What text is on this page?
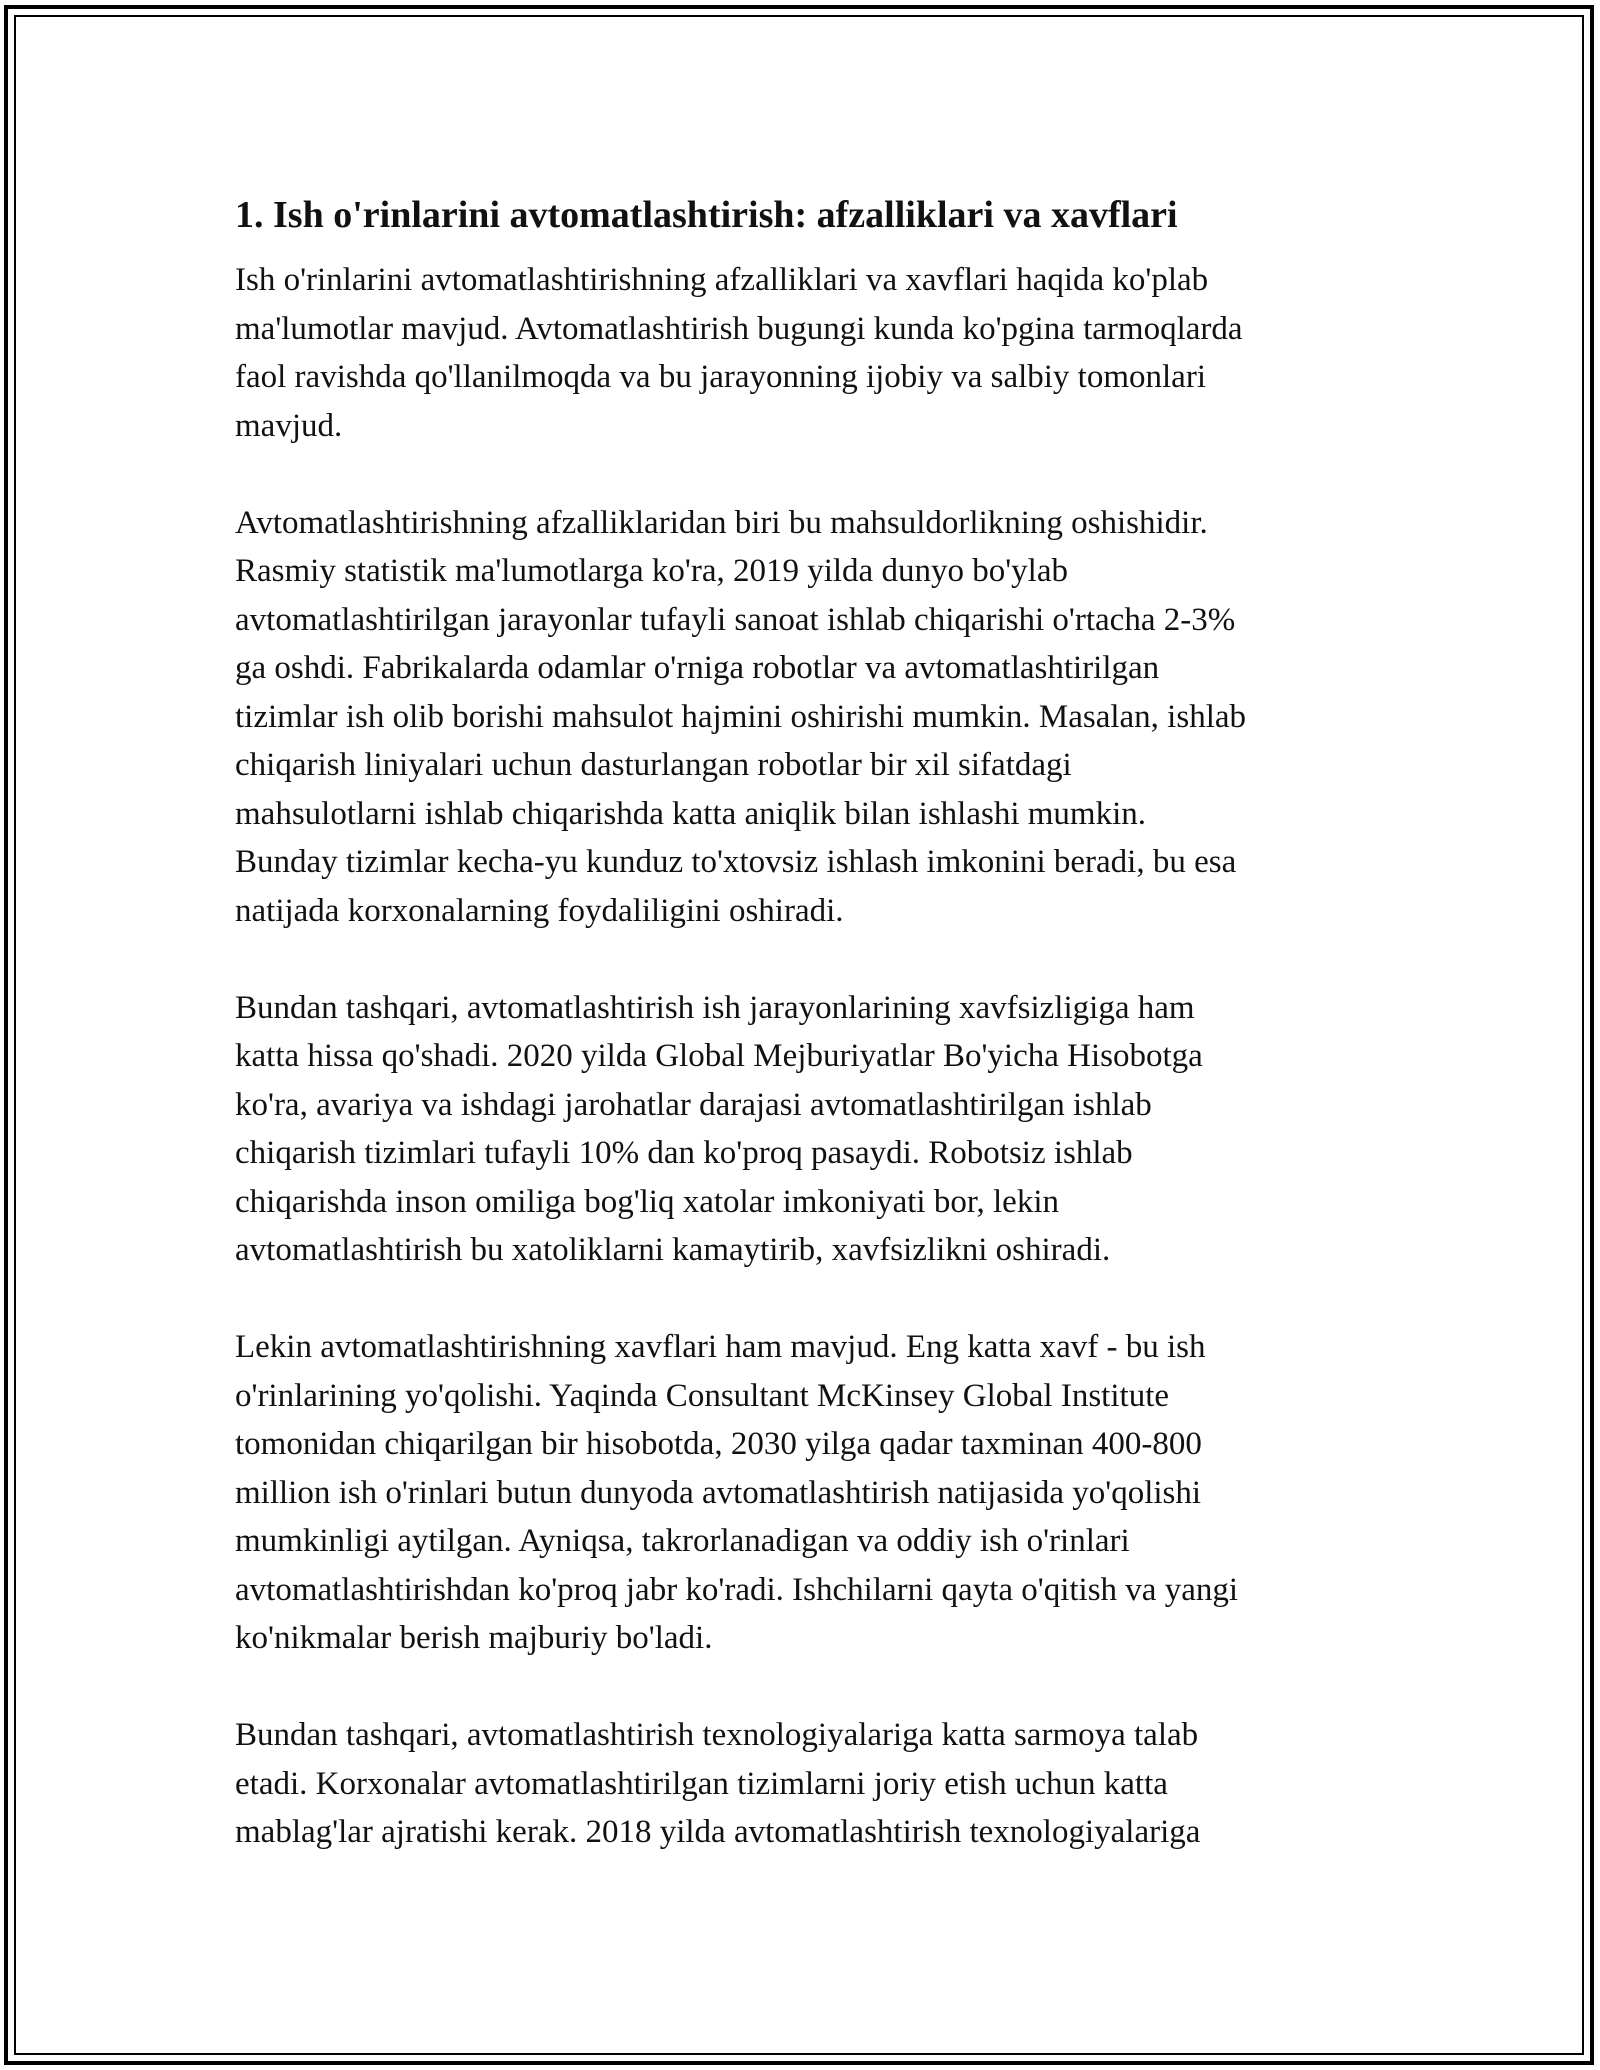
1. Ish o'rinlarini avtomatlashtirish: afzalliklari va xavflari
Ish o'rinlarini avtomatlashtirishning afzalliklari va xavflari haqida ko'plab
ma'lumotlar mavjud. Avtomatlashtirish bugungi kunda ko'pgina tarmoqlarda
faol ravishda qo'llanilmoqda va bu jarayonning ijobiy va salbiy tomonlari
mavjud.
Avtomatlashtirishning afzalliklaridan biri bu mahsuldorlikning oshishidir.
Rasmiy statistik ma'lumotlarga ko'ra, 2019 yilda dunyo bo'ylab
avtomatlashtirilgan jarayonlar tufayli sanoat ishlab chiqarishi o'rtacha 2-3%
ga oshdi. Fabrikalarda odamlar o'rniga robotlar va avtomatlashtirilgan
tizimlar ish olib borishi mahsulot hajmini oshirishi mumkin. Masalan, ishlab
chiqarish liniyalari uchun dasturlangan robotlar bir xil sifatdagi
mahsulotlarni ishlab chiqarishda katta aniqlik bilan ishlashi mumkin.
Bunday tizimlar kecha-yu kunduz to'xtovsiz ishlash imkonini beradi, bu esa
natijada korxonalarning foydaliligini oshiradi.
Bundan tashqari, avtomatlashtirish ish jarayonlarining xavfsizligiga ham
katta hissa qo'shadi. 2020 yilda Global Mejburiyatlar Bo'yicha Hisobotga
ko'ra, avariya va ishdagi jarohatlar darajasi avtomatlashtirilgan ishlab
chiqarish tizimlari tufayli 10% dan ko'proq pasaydi. Robotsiz ishlab
chiqarishda inson omiliga bog'liq xatolar imkoniyati bor, lekin
avtomatlashtirish bu xatoliklarni kamaytirib, xavfsizlikni oshiradi.
Lekin avtomatlashtirishning xavflari ham mavjud. Eng katta xavf - bu ish
o'rinlarining yo'qolishi. Yaqinda Consultant McKinsey Global Institute
tomonidan chiqarilgan bir hisobotda, 2030 yilga qadar taxminan 400-800
million ish o'rinlari butun dunyoda avtomatlashtirish natijasida yo'qolishi
mumkinligi aytilgan. Ayniqsa, takrorlanadigan va oddiy ish o'rinlari
avtomatlashtirishdan ko'proq jabr ko'radi. Ishchilarni qayta o'qitish va yangi
ko'nikmalar berish majburiy bo'ladi.
Bundan tashqari, avtomatlashtirish texnologiyalariga katta sarmoya talab
etadi. Korxonalar avtomatlashtirilgan tizimlarni joriy etish uchun katta
mablag'lar ajratishi kerak. 2018 yilda avtomatlashtirish texnologiyalariga
